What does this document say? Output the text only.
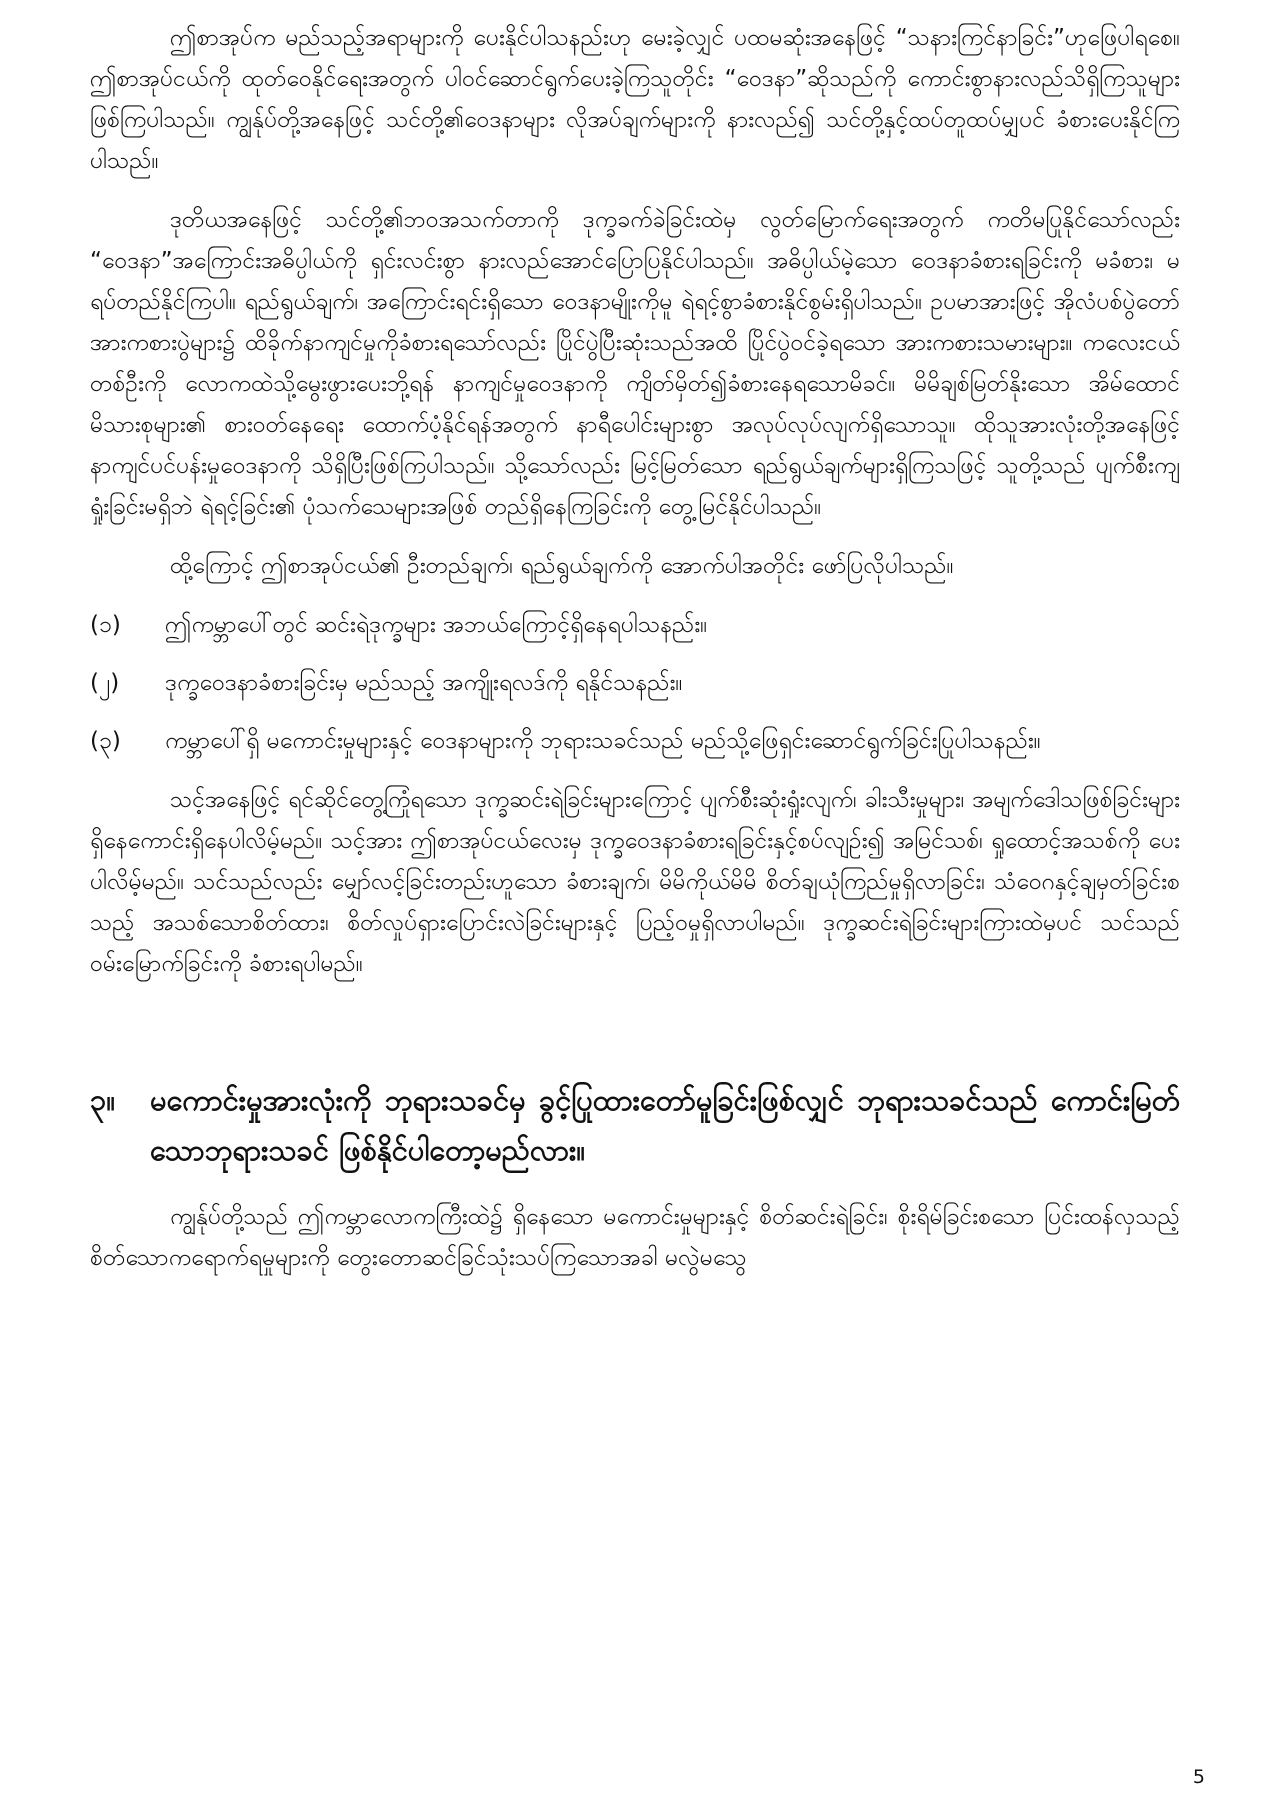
ဤစာအုပ်က မည်သည့်အရာများကို ပေးနိုင်ပါသနည်းဟု မေးခဲ့လျှင် ပထမဆုံးအနေဖြင့် “သနားကြင်နာခြင်း”ဟုဖြေပါရစေ။ ဤစာအုပ်ငယ်ကို ထုတ်ဝေနိုင်ရေးအတွက် ပါဝင်ဆောင်ရွက်ပေးခဲ့ကြသူတိုင်း “ဝေဒနာ”ဆိုသည်ကို ကောင်းစွာနားလည်သိရှိကြသူများဖြစ်ကြပါသည်။ ကျွန်ုပ်တို့အနေဖြင့် သင်တို့၏ဝေဒနာများ လိုအပ်ချက်များကို နားလည်၍ သင်တို့နှင့်ထပ်တူထပ်မျှပင် ခံစားပေးနိုင်ကြပါသည်။

ဒုတိယအနေဖြင့် သင်တို့၏ဘဝအသက်တာကို ဒုက္ခခက်ခဲခြင်းထဲမှ လွတ်မြောက်ရေးအတွက် ကတိမပြုနိုင်သော်လည်း “ဝေဒနာ”အကြောင်းအဓိပ္ပါယ်ကို ရှင်းလင်းစွာ နားလည်အောင်ပြောပြနိုင်ပါသည်။ အဓိပ္ပါယ်မဲ့သော ဝေဒနာခံစားရခြင်းကို မခံစား၊ မရပ်တည်နိုင်ကြပါ။ ရည်ရွယ်ချက်၊ အကြောင်းရင်းရှိသော ဝေဒနာမျိုးကိုမူ ရဲရင့်စွာခံစားနိုင်စွမ်းရှိပါသည်။ ဥပမာအားဖြင့် အိုလံပစ်ပွဲတော် အားကစားပွဲများ၌ ထိခိုက်နာကျင်မှုကိုခံစားရသော်လည်း ပြိုင်ပွဲပြီးဆုံးသည်အထိ ပြိုင်ပွဲဝင်ခဲ့ရသော အားကစားသမားများ။ ကလေးငယ်တစ်ဦးကို လောကထဲသို့မွေးဖွားပေးဘို့ရန် နာကျင်မှုဝေဒနာကို ကျိတ်မှိတ်၍ခံစားနေရသောမိခင်။ မိမိချစ်မြတ်နိုးသော အိမ်ထောင်မိသားစုများ၏ စားဝတ်နေရေး ထောက်ပံ့နိုင်ရန်အတွက် နာရီပေါင်းများစွာ အလုပ်လုပ်လျက်ရှိသောသူ။ ထိုသူအားလုံးတို့အနေဖြင့် နာကျင်ပင်ပန်းမှုဝေဒနာကို သိရှိပြီးဖြစ်ကြပါသည်။ သို့သော်လည်း မြင့်မြတ်သော ရည်ရွယ်ချက်များရှိကြသဖြင့် သူတို့သည် ပျက်စီးကျရှုံးခြင်းမရှိဘဲ ရဲရင့်ခြင်း၏ ပုံသက်သေများအဖြစ် တည်ရှိနေကြခြင်းကို တွေ့မြင်နိုင်ပါသည်။

ထို့ကြောင့် ဤစာအုပ်ငယ်၏ ဦးတည်ချက်၊ ရည်ရွယ်ချက်ကို အောက်ပါအတိုင်း ဖော်ပြလိုပါသည်။

(၁)	ဤကမ္ဘာပေါ်တွင် ဆင်းရဲဒုက္ခများ အဘယ်ကြောင့်ရှိနေရပါသနည်း။
(၂)	ဒုက္ခဝေဒနာခံစားခြင်းမှ မည်သည့် အကျိုးရလဒ်ကို ရနိုင်သနည်း။
(၃)	ကမ္ဘာပေါ်ရှိ မကောင်းမှုများနှင့် ဝေဒနာများကို ဘုရားသခင်သည် မည်သို့ဖြေရှင်းဆောင်ရွက်ခြင်းပြုပါသနည်း။

သင့်အနေဖြင့် ရင်ဆိုင်တွေ့ကြုံရသော ဒုက္ခဆင်းရဲခြင်းများကြောင့် ပျက်စီးဆုံးရှုံးလျက်၊ ခါးသီးမှုများ၊ အမျက်ဒေါသဖြစ်ခြင်းများ ရှိနေကောင်းရှိနေပါလိမ့်မည်။ သင့်အား ဤစာအုပ်ငယ်လေးမှ ဒုက္ခဝေဒနာခံစားရခြင်းနှင့်စပ်လျဥ်း၍ အမြင်သစ်၊ ရှုထောင့်အသစ်ကို ပေးပါလိမ့်မည်။ သင်သည်လည်း မျှော်လင့်ခြင်းတည်းဟူသော ခံစားချက်၊ မိမိကိုယ်မိမိ စိတ်ချယုံကြည်မှုရှိလာခြင်း၊ သံဝေဂနှင့်ချမှတ်ခြင်းစသည့် အသစ်သောစိတ်ထား၊ စိတ်လှုပ်ရှားပြောင်းလဲခြင်းများနှင့် ပြည့်ဝမှုရှိလာပါမည်။ ဒုက္ခဆင်းရဲခြင်းများကြားထဲမှပင် သင်သည် ဝမ်းမြောက်ခြင်းကို ခံစားရပါမည်။

၃။	မကောင်းမှုအားလုံးကို ဘုရားသခင်မှ ခွင့်ပြုထားတော်မူခြင်းဖြစ်လျှင် ဘုရားသခင်သည် ကောင်းမြတ်သောဘုရားသခင် ဖြစ်နိုင်ပါတော့မည်လား။

ကျွန်ုပ်တို့သည် ဤကမ္ဘာလောကကြီးထဲ၌ ရှိနေသော မကောင်းမှုများနှင့် စိတ်ဆင်းရဲခြင်း၊ စိုးရိမ်ခြင်းစသော ပြင်းထန်လှသည့် စိတ်သောကရောက်ရမှုများကို တွေးတောဆင်ခြင်သုံးသပ်ကြသောအခါ မလွဲမသွေ

5
